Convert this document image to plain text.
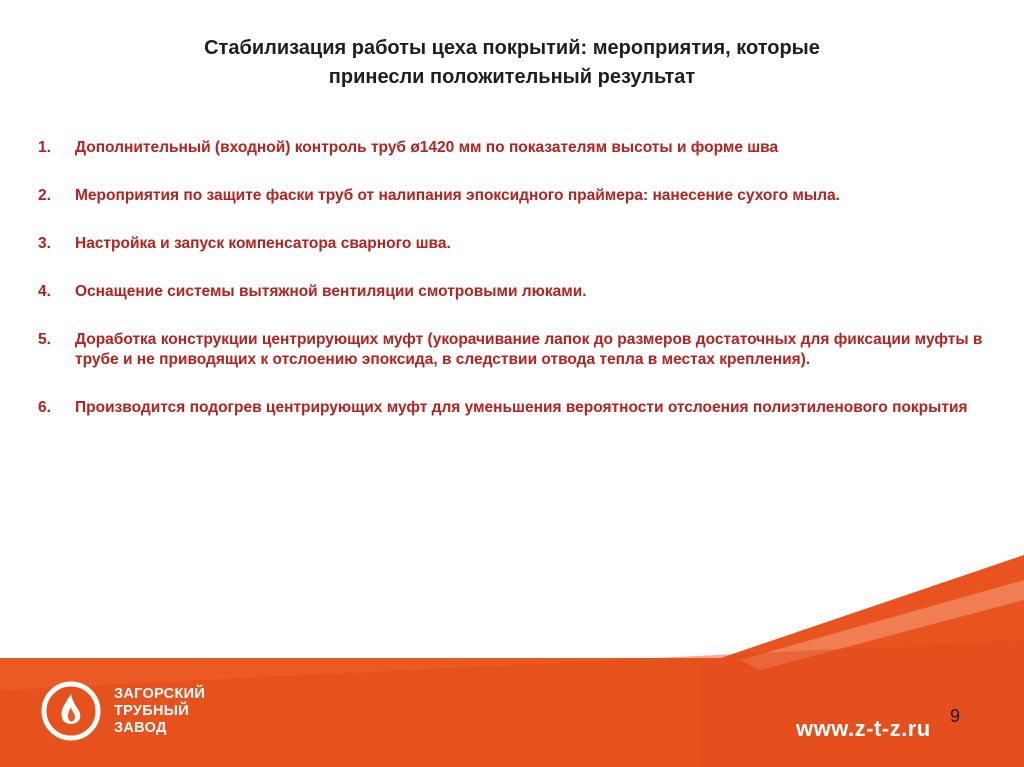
Стабилизация работы цеха покрытий: мероприятия, которые
принесли положительный результат
1.	Дополнительный (входной) контроль труб ø1420 мм по показателям высоты и форме шва
2.	Мероприятия по защите фаски труб от налипания эпоксидного праймера: нанесение сухого мыла.
3.	Настройка и запуск компенсатора сварного шва.
4.	Оснащение системы вытяжной вентиляции смотровыми люками.
5.	Доработка конструкции центрирующих муфт (укорачивание лапок до размеров достаточных для фиксации муфты в трубе и не приводящих к отслоению эпоксида, в следствии отвода тепла в местах крепления).
6.	Производится подогрев центрирующих муфт для уменьшения вероятности отслоения полиэтиленового покрытия
ЗАГОРСКИЙ
ТРУБНЫЙ
ЗАВОД	www.z-t-z.ru 9
